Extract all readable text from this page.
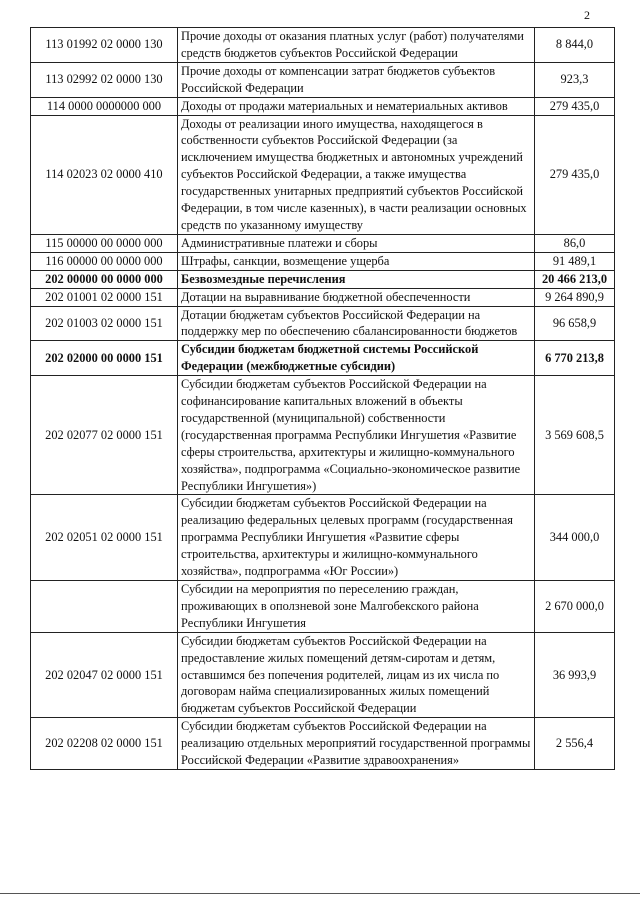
2
113 01992 02 0000 130	Прочие доходы от оказания платных услуг (работ) получателями средств бюджетов субъектов Российской Федерации	8 844,0
113 02992 02 0000 130	Прочие доходы от компенсации затрат бюджетов субъектов Российской Федерации	923,3
114 0000 0000000 000	Доходы от продажи материальных и нематериальных активов	279 435,0
114 02023 02 0000 410	Доходы от реализации иного имущества, находящегося в собственности субъектов Российской Федерации (за исключением имущества бюджетных и автономных учреждений субъектов Российской Федерации, а также имущества государственных унитарных предприятий субъектов Российской Федерации, в том числе казенных), в части реализации основных средств по указанному имуществу	279 435,0
115 00000 00 0000 000	Административные платежи и сборы	86,0
116 00000 00 0000 000	Штрафы, санкции, возмещение ущерба	91 489,1
202 00000 00 0000 000	Безвозмездные перечисления	20 466 213,0
202 01001 02 0000 151	Дотации на выравнивание бюджетной обеспеченности	9 264 890,9
202 01003 02 0000 151	Дотации бюджетам субъектов Российской Федерации на поддержку мер по обеспечению сбалансированности бюджетов	96 658,9
202 02000 00 0000 151	Субсидии бюджетам бюджетной системы Российской Федерации (межбюджетные субсидии)	6 770 213,8
202 02077 02 0000 151	Субсидии бюджетам субъектов Российской Федерации на софинансирование капитальных вложений в объекты государственной (муниципальной) собственности (государственная программа Республики Ингушетия «Развитие сферы строительства, архитектуры и жилищно-коммунального хозяйства», подпрограмма «Социально-экономическое развитие Республики Ингушетия»)	3 569 608,5
202 02051 02 0000 151	Субсидии бюджетам субъектов Российской Федерации на реализацию федеральных целевых программ (государственная программа Республики Ингушетия «Развитие сферы строительства, архитектуры и жилищно-коммунального хозяйства», подпрограмма «Юг России»)	344 000,0
	Субсидии на мероприятия по переселению граждан, проживающих в оползневой зоне Малгобекского района Республики Ингушетия	2 670 000,0
202 02047 02 0000 151	Субсидии бюджетам субъектов Российской Федерации на предоставление жилых помещений детям-сиротам и детям, оставшимся без попечения родителей, лицам из их числа по договорам найма специализированных жилых помещений бюджетам субъектов Российской Федерации	36 993,9
202 02208 02 0000 151	Субсидии бюджетам субъектов Российской Федерации на реализацию отдельных мероприятий государственной программы Российской Федерации «Развитие здравоохранения»	2 556,4
